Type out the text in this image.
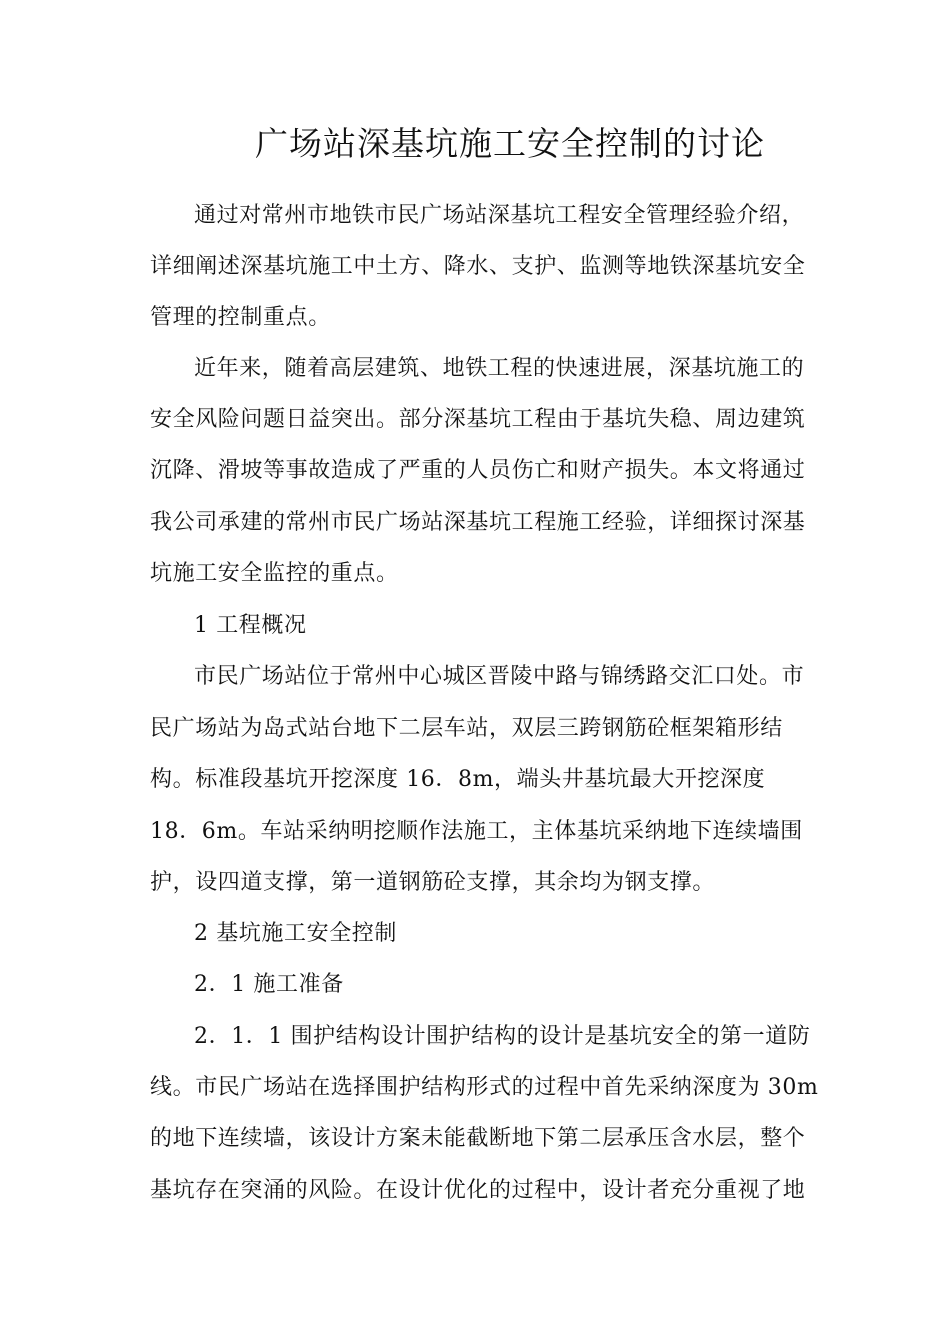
广场站深基坑施工安全控制的讨论
通过对常州市地铁市民广场站深基坑工程安全管理经验介绍，
详细阐述深基坑施工中土方、降水、支护、监测等地铁深基坑安全
管理的控制重点。
近年来，随着高层建筑、地铁工程的快速进展，深基坑施工的
安全风险问题日益突出。部分深基坑工程由于基坑失稳、周边建筑
沉降、滑坡等事故造成了严重的人员伤亡和财产损失。本文将通过
我公司承建的常州市民广场站深基坑工程施工经验，详细探讨深基
坑施工安全监控的重点。
1 工程概况
市民广场站位于常州中心城区晋陵中路与锦绣路交汇口处。市
民广场站为岛式站台地下二层车站，双层三跨钢筋砼框架箱形结
构。标准段基坑开挖深度 16．8m，端头井基坑最大开挖深度
18．6m。车站采纳明挖顺作法施工，主体基坑采纳地下连续墙围
护，设四道支撑，第一道钢筋砼支撑，其余均为钢支撑。
2 基坑施工安全控制
2．1 施工准备
2．1．1 围护结构设计围护结构的设计是基坑安全的第一道防
线。市民广场站在选择围护结构形式的过程中首先采纳深度为 30m
的地下连续墙，该设计方案未能截断地下第二层承压含水层，整个
基坑存在突涌的风险。在设计优化的过程中，设计者充分重视了地
